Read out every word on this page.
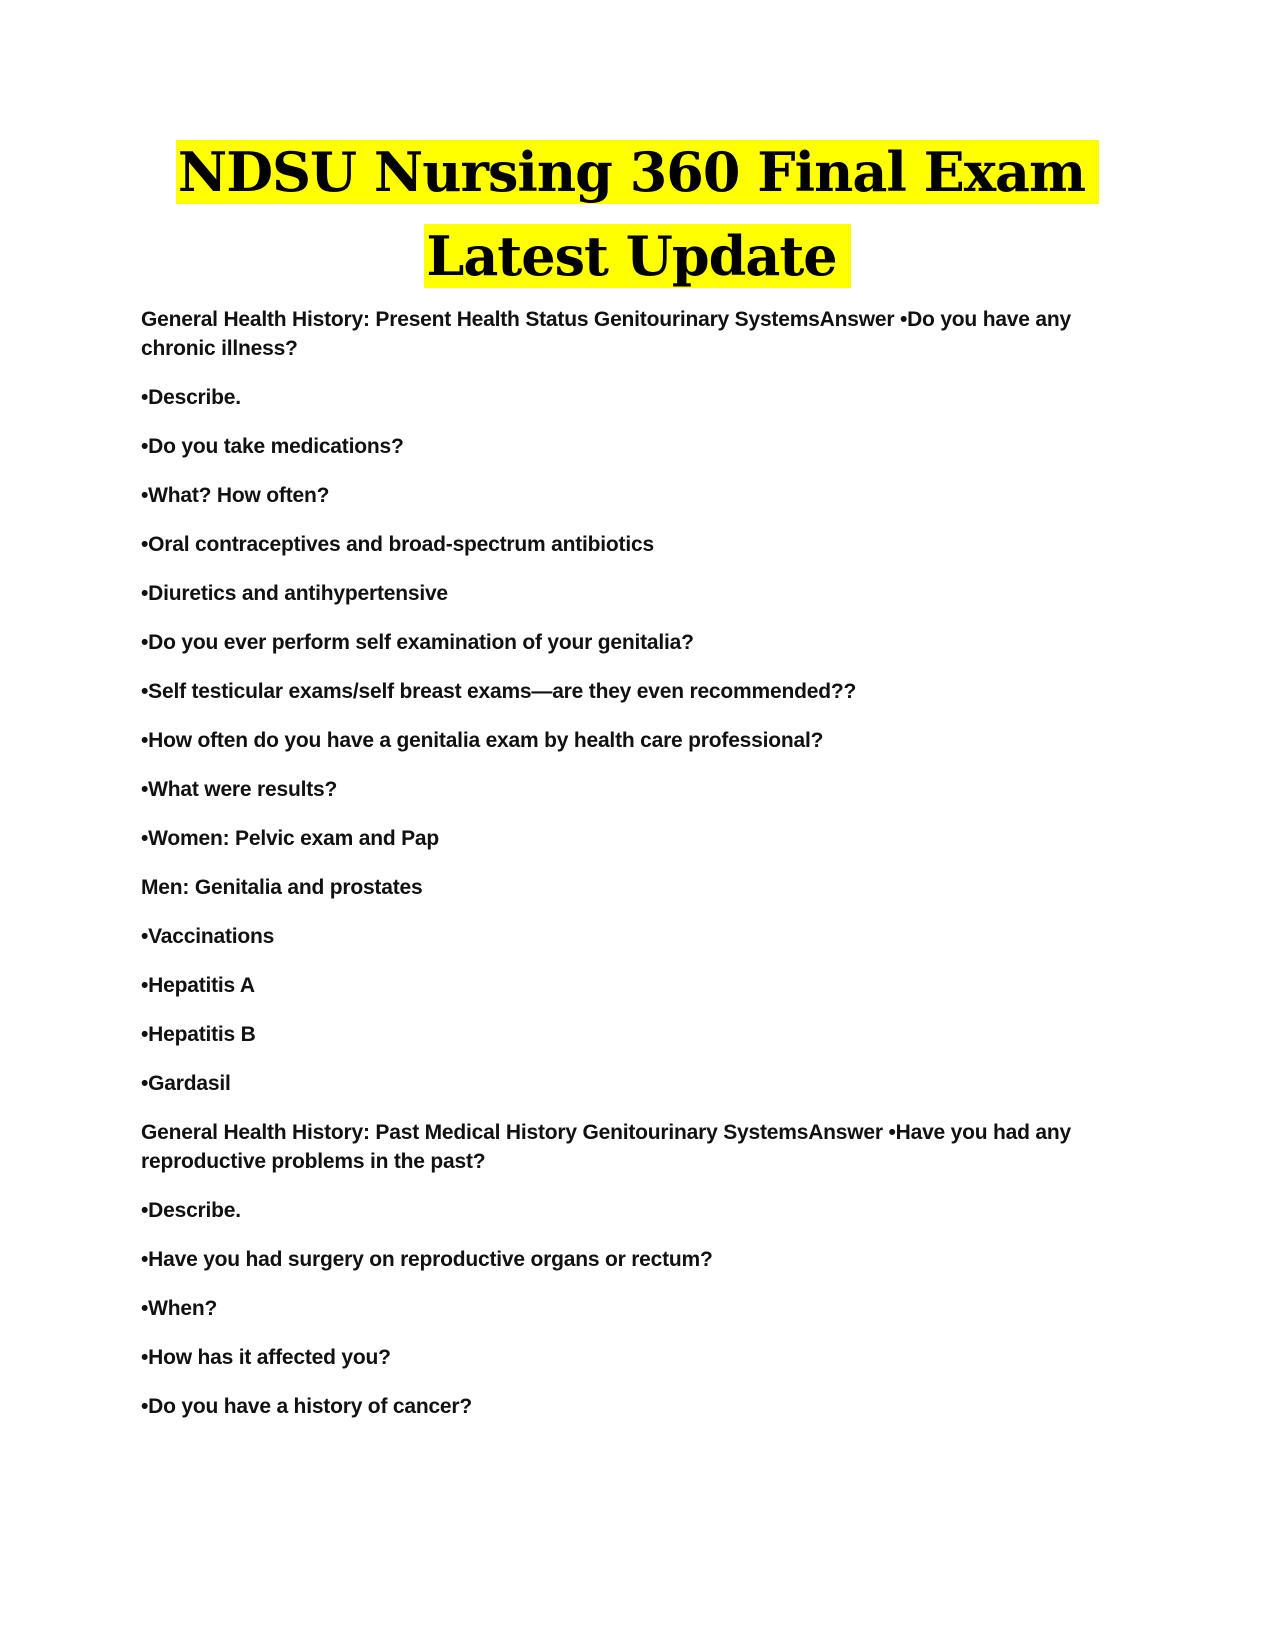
NDSU Nursing 360 Final Exam
Latest Update

General Health History: Present Health Status Genitourinary SystemsAnswer •Do you have any chronic illness?

•Describe.

•Do you take medications?

•What? How often?

•Oral contraceptives and broad-spectrum antibiotics

•Diuretics and antihypertensive

•Do you ever perform self examination of your genitalia?

•Self testicular exams/self breast exams—are they even recommended??

•How often do you have a genitalia exam by health care professional?

•What were results?

•Women: Pelvic exam and Pap

Men: Genitalia and prostates

•Vaccinations

•Hepatitis A

•Hepatitis B

•Gardasil

General Health History: Past Medical History Genitourinary SystemsAnswer •Have you had any reproductive problems in the past?

•Describe.

•Have you had surgery on reproductive organs or rectum?

•When?

•How has it affected you?

•Do you have a history of cancer?
